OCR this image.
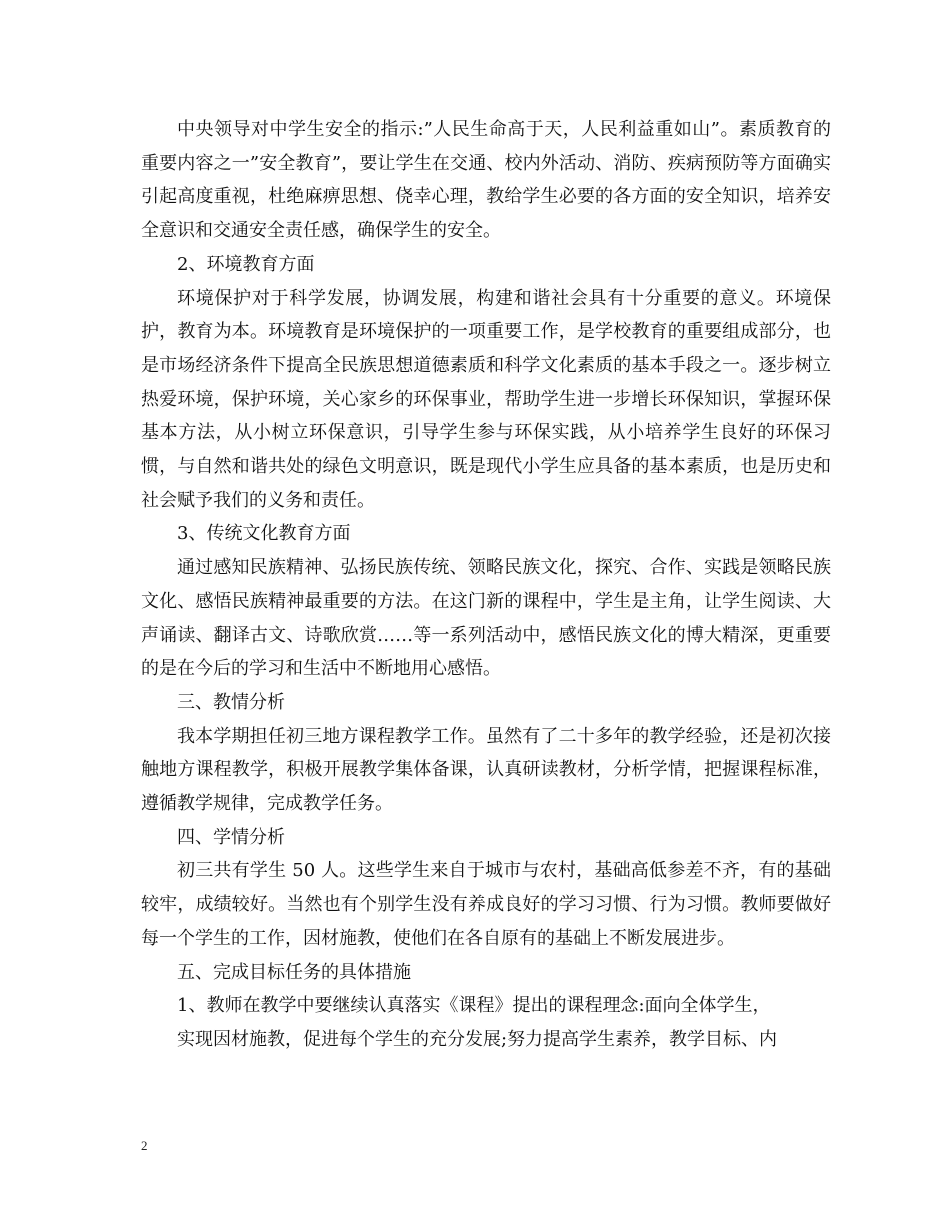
中央领导对中学生安全的指示:”人民生命高于天，人民利益重如山”。素质教育的重要内容之一”安全教育”，要让学生在交通、校内外活动、消防、疾病预防等方面确实引起高度重视，杜绝麻痹思想、侥幸心理，教给学生必要的各方面的安全知识，培养安全意识和交通安全责任感，确保学生的安全。

2、环境教育方面

环境保护对于科学发展，协调发展，构建和谐社会具有十分重要的意义。环境保护，教育为本。环境教育是环境保护的一项重要工作，是学校教育的重要组成部分，也是市场经济条件下提高全民族思想道德素质和科学文化素质的基本手段之一。逐步树立热爱环境，保护环境，关心家乡的环保事业，帮助学生进一步增长环保知识，掌握环保基本方法，从小树立环保意识，引导学生参与环保实践，从小培养学生良好的环保习惯，与自然和谐共处的绿色文明意识，既是现代小学生应具备的基本素质，也是历史和社会赋予我们的义务和责任。

3、传统文化教育方面

通过感知民族精神、弘扬民族传统、领略民族文化，探究、合作、实践是领略民族文化、感悟民族精神最重要的方法。在这门新的课程中，学生是主角，让学生阅读、大声诵读、翻译古文、诗歌欣赏……等一系列活动中，感悟民族文化的博大精深，更重要的是在今后的学习和生活中不断地用心感悟。

三、教情分析

我本学期担任初三地方课程教学工作。虽然有了二十多年的教学经验，还是初次接触地方课程教学，积极开展教学集体备课，认真研读教材，分析学情，把握课程标准，遵循教学规律，完成教学任务。

四、学情分析

初三共有学生 50 人。这些学生来自于城市与农村，基础高低参差不齐，有的基础较牢，成绩较好。当然也有个别学生没有养成良好的学习习惯、行为习惯。教师要做好每一个学生的工作，因材施教，使他们在各自原有的基础上不断发展进步。

五、完成目标任务的具体措施

1、教师在教学中要继续认真落实《课程》提出的课程理念:面向全体学生，

实现因材施教，促进每个学生的充分发展;努力提高学生素养，教学目标、内

2
